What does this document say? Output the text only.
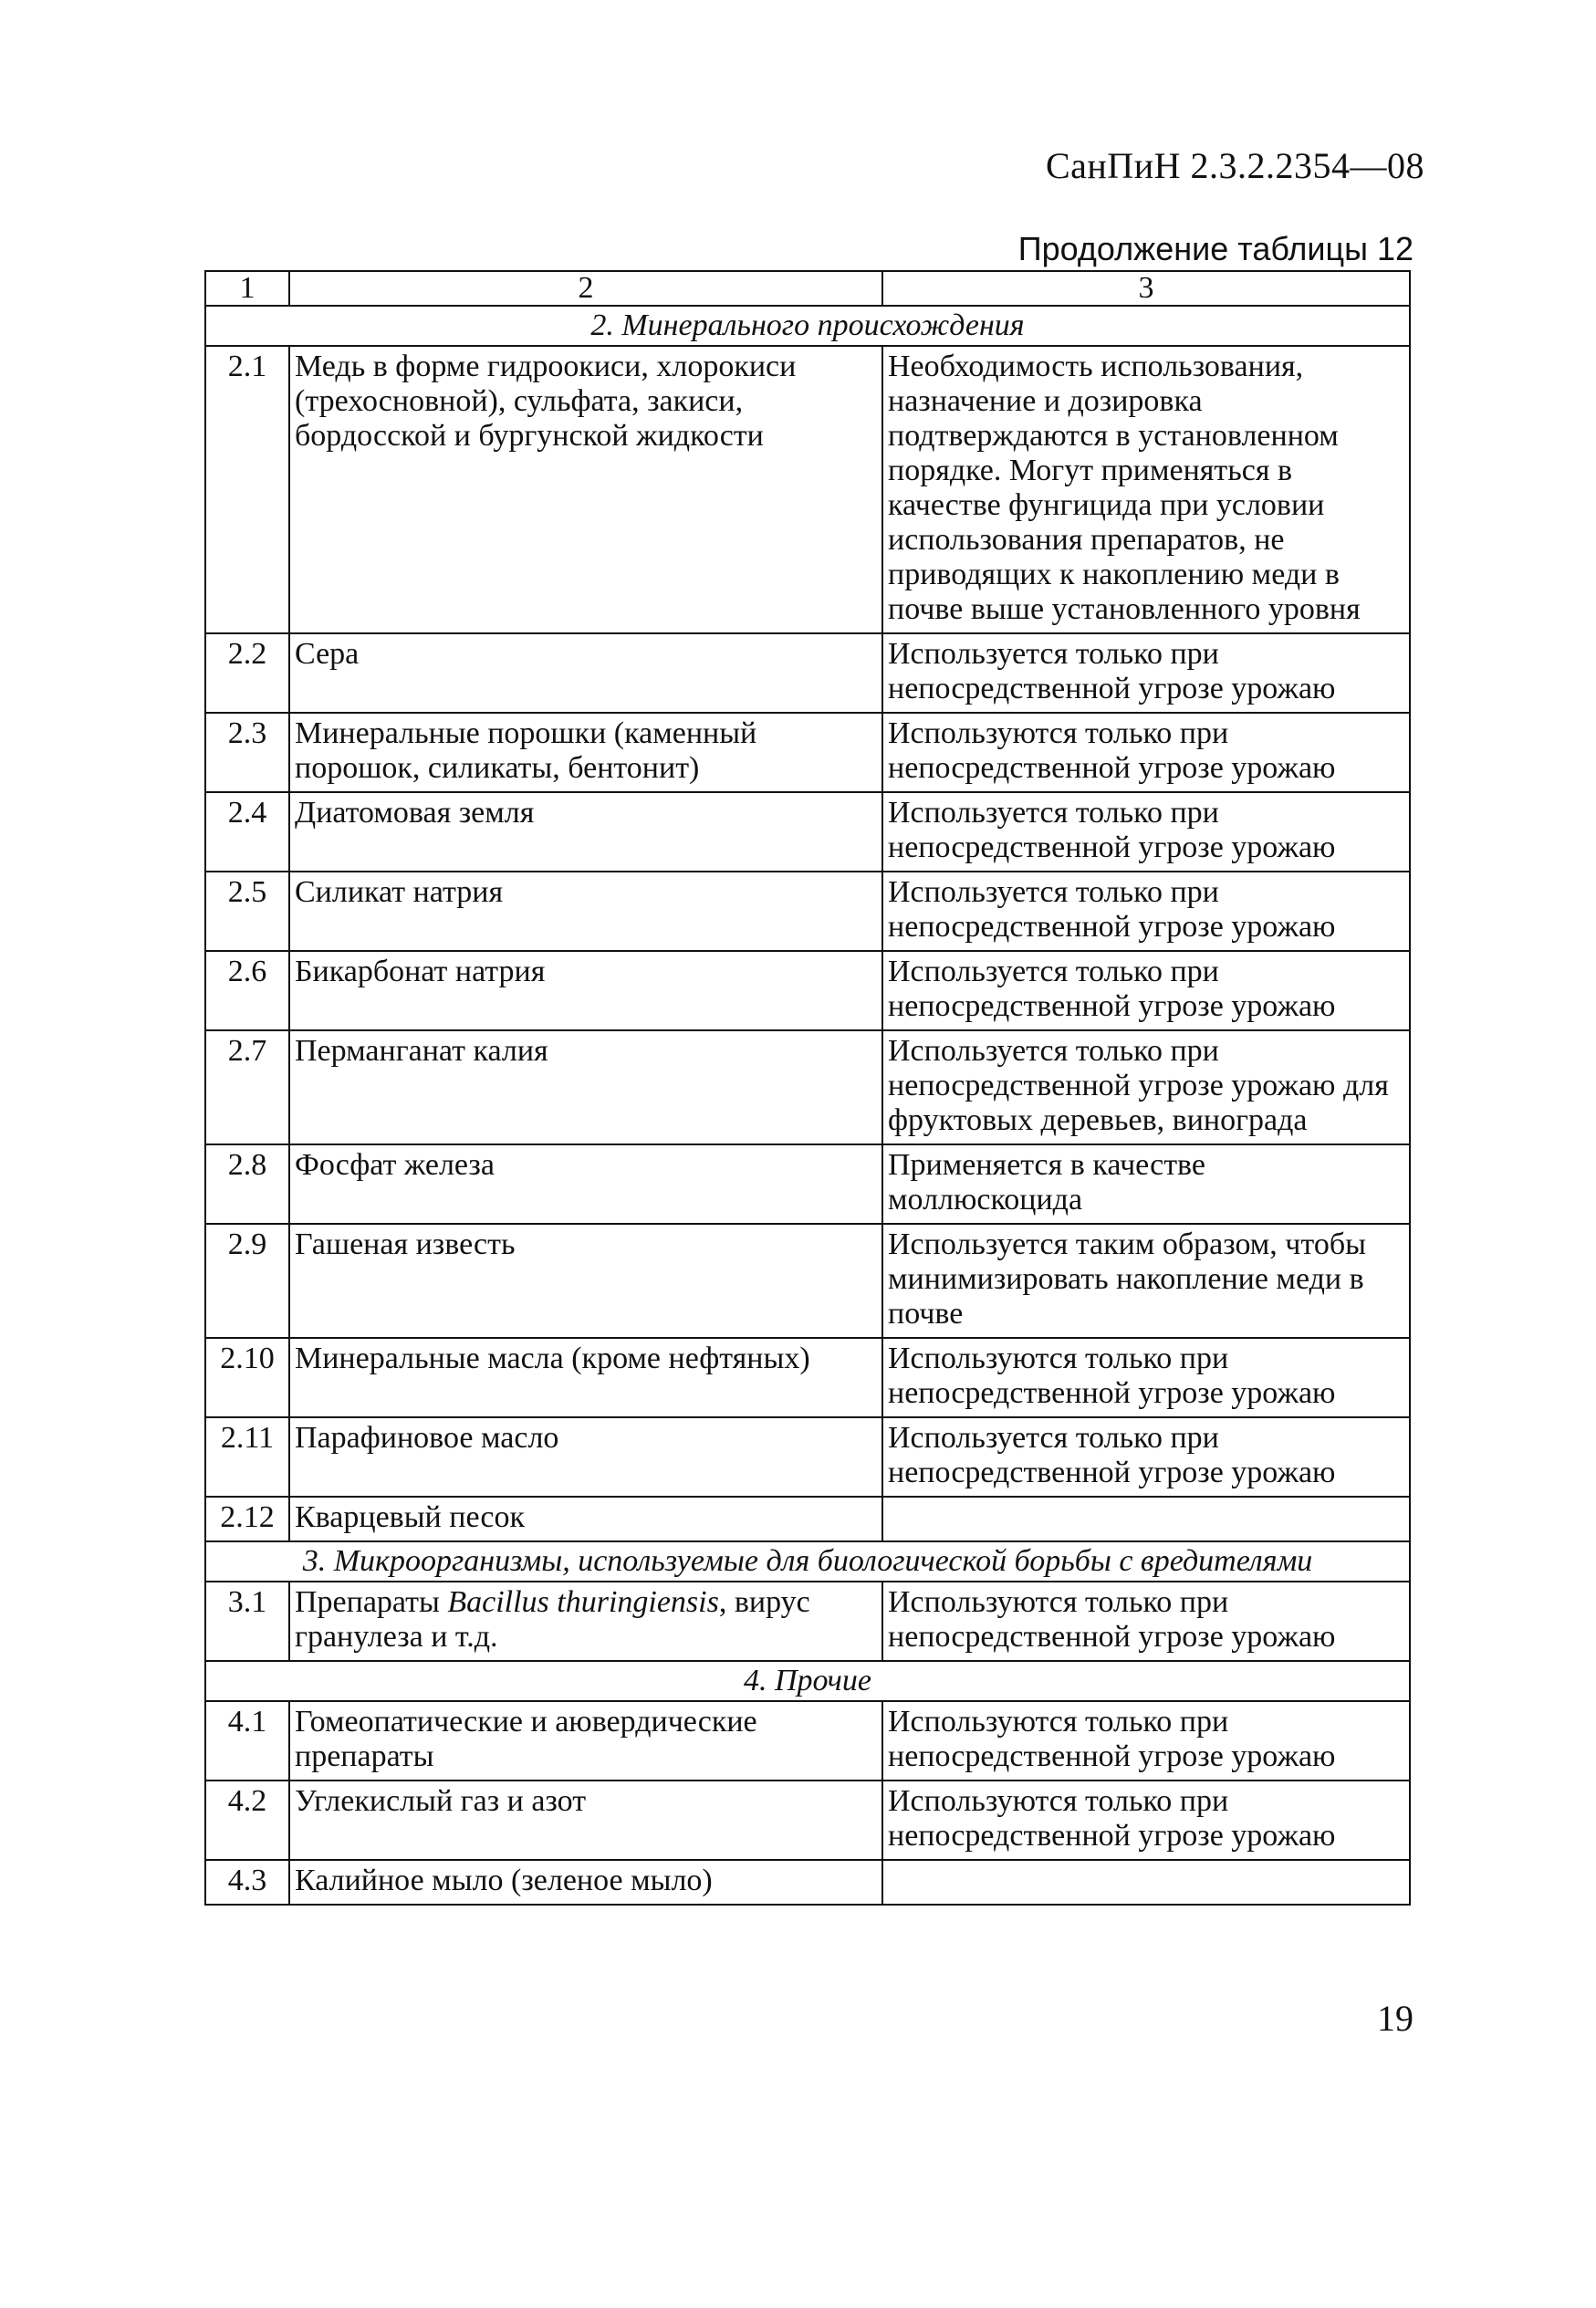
СанПиН 2.3.2.2354—08
Продолжение таблицы 12
1	2	3
2. Минерального происхождения		
2.1	Медь в форме гидроокиси, хлорокиси (трехосновной), сульфата, закиси, бордосской и бургунской жидкости	Необходимость использования, назначение и дозировка подтверждаются в установленном порядке. Могут применяться в качестве фунгицида при условии использования препаратов, не приводящих к накоплению меди в почве выше установленного уровня
2.2	Сера	Используется только при непосредственной угрозе урожаю
2.3	Минеральные порошки (каменный порошок, силикаты, бентонит)	Используются только при непосредственной угрозе урожаю
2.4	Диатомовая земля	Используется только при непосредственной угрозе урожаю
2.5	Силикат натрия	Используется только при непосредственной угрозе урожаю
2.6	Бикарбонат натрия	Используется только при непосредственной угрозе урожаю
2.7	Перманганат калия	Используется только при непосредственной угрозе урожаю для фруктовых деревьев, винограда
2.8	Фосфат железа	Применяется в качестве моллюскоцида
2.9	Гашеная известь	Используется таким образом, чтобы минимизировать накопление меди в почве
2.10	Минеральные масла (кроме нефтяных)	Используются только при непосредственной угрозе урожаю
2.11	Парафиновое масло	Используется только при непосредственной угрозе урожаю
2.12	Кварцевый песок	
3. Микроорганизмы, используемые для биологической борьбы с вредителями		
3.1	Препараты Bacillus thuringiensis, вирус гранулеза и т.д.	Используются только при непосредственной угрозе урожаю
4. Прочие		
4.1	Гомеопатические и аювердические препараты	Используются только при непосредственной угрозе урожаю
4.2	Углекислый газ и азот	Используются только при непосредственной угрозе урожаю
4.3	Калийное мыло (зеленое мыло)	
19
